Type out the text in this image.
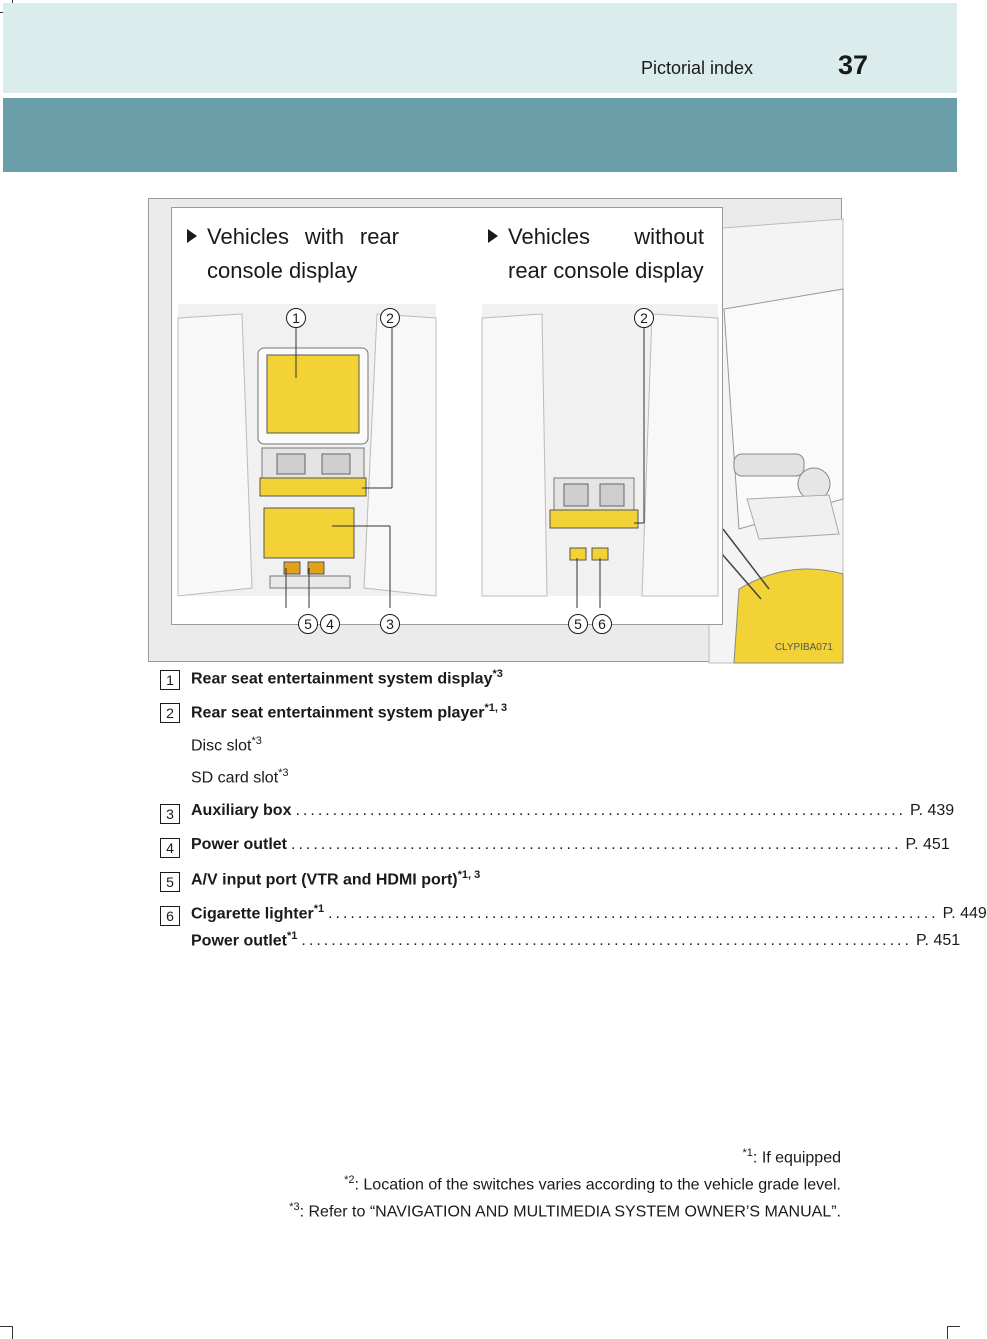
Pictorial index	37
Vehicles with rear
console display
Vehicles without
rear console display
1	2
5	4	3
2
5	6
CLYPIBA071
1	Rear seat entertainment system display$^{*3}$
2	Rear seat entertainment system player$^{*1, 3}$
Disc slot$^{*3}$
SD card slot$^{*3}$
3	Auxiliary box .................................................................................. P. 439
4	Power outlet .................................................................................. P. 451
5	A/V input port (VTR and HDMI port)$^{*1, 3}$
6	Cigarette lighter$^{*1}$ .................................................................................. P. 449
Power outlet$^{*1}$ .................................................................................. P. 451
$^{*1}$: If equipped
$^{*2}$: Location of the switches varies according to the vehicle grade level.
$^{*3}$: Refer to “NAVIGATION AND MULTIMEDIA SYSTEM OWNER’S MANUAL”.
